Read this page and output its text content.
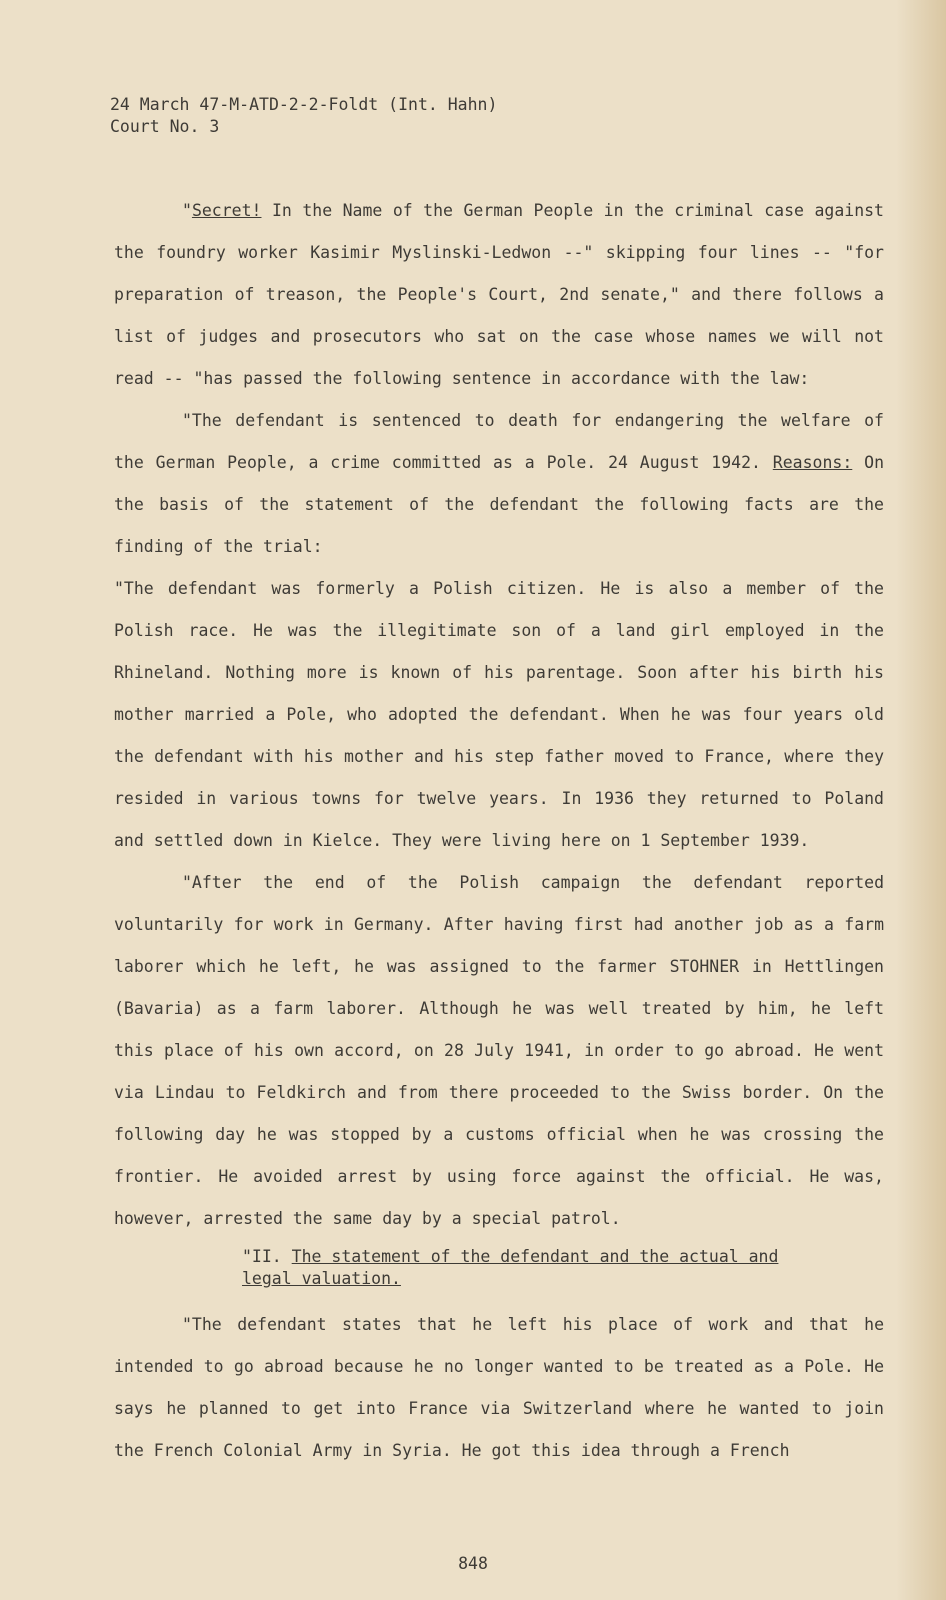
24 March 47-M-ATD-2-2-Foldt (Int. Hahn)
Court No. 3

"Secret! In the Name of the German People in the criminal case against the foundry worker Kasimir Myslinski-Ledwon --" skipping four lines -- "for preparation of treason, the People's Court, 2nd senate," and there follows a list of judges and prosecutors who sat on the case whose names we will not read -- "has passed the following sentence in accordance with the law:

"The defendant is sentenced to death for endangering the welfare of the German People, a crime committed as a Pole. 24 August 1942. Reasons: On the basis of the statement of the defendant the following facts are the finding of the trial:

"The defendant was formerly a Polish citizen. He is also a member of the Polish race. He was the illegitimate son of a land girl employed in the Rhineland. Nothing more is known of his parentage. Soon after his birth his mother married a Pole, who adopted the defendant. When he was four years old the defendant with his mother and his step father moved to France, where they resided in various towns for twelve years. In 1936 they returned to Poland and settled down in Kielce. They were living here on 1 September 1939.

"After the end of the Polish campaign the defendant reported voluntarily for work in Germany. After having first had another job as a farm laborer which he left, he was assigned to the farmer STOHNER in Hettlingen (Bavaria) as a farm laborer. Although he was well treated by him, he left this place of his own accord, on 28 July 1941, in order to go abroad. He went via Lindau to Feldkirch and from there proceeded to the Swiss border. On the following day he was stopped by a customs official when he was crossing the frontier. He avoided arrest by using force against the official. He was, however, arrested the same day by a special patrol.

"II. The statement of the defendant and the actual and legal valuation.

"The defendant states that he left his place of work and that he intended to go abroad because he no longer wanted to be treated as a Pole. He says he planned to get into France via Switzerland where he wanted to join the French Colonial Army in Syria. He got this idea through a French

848
